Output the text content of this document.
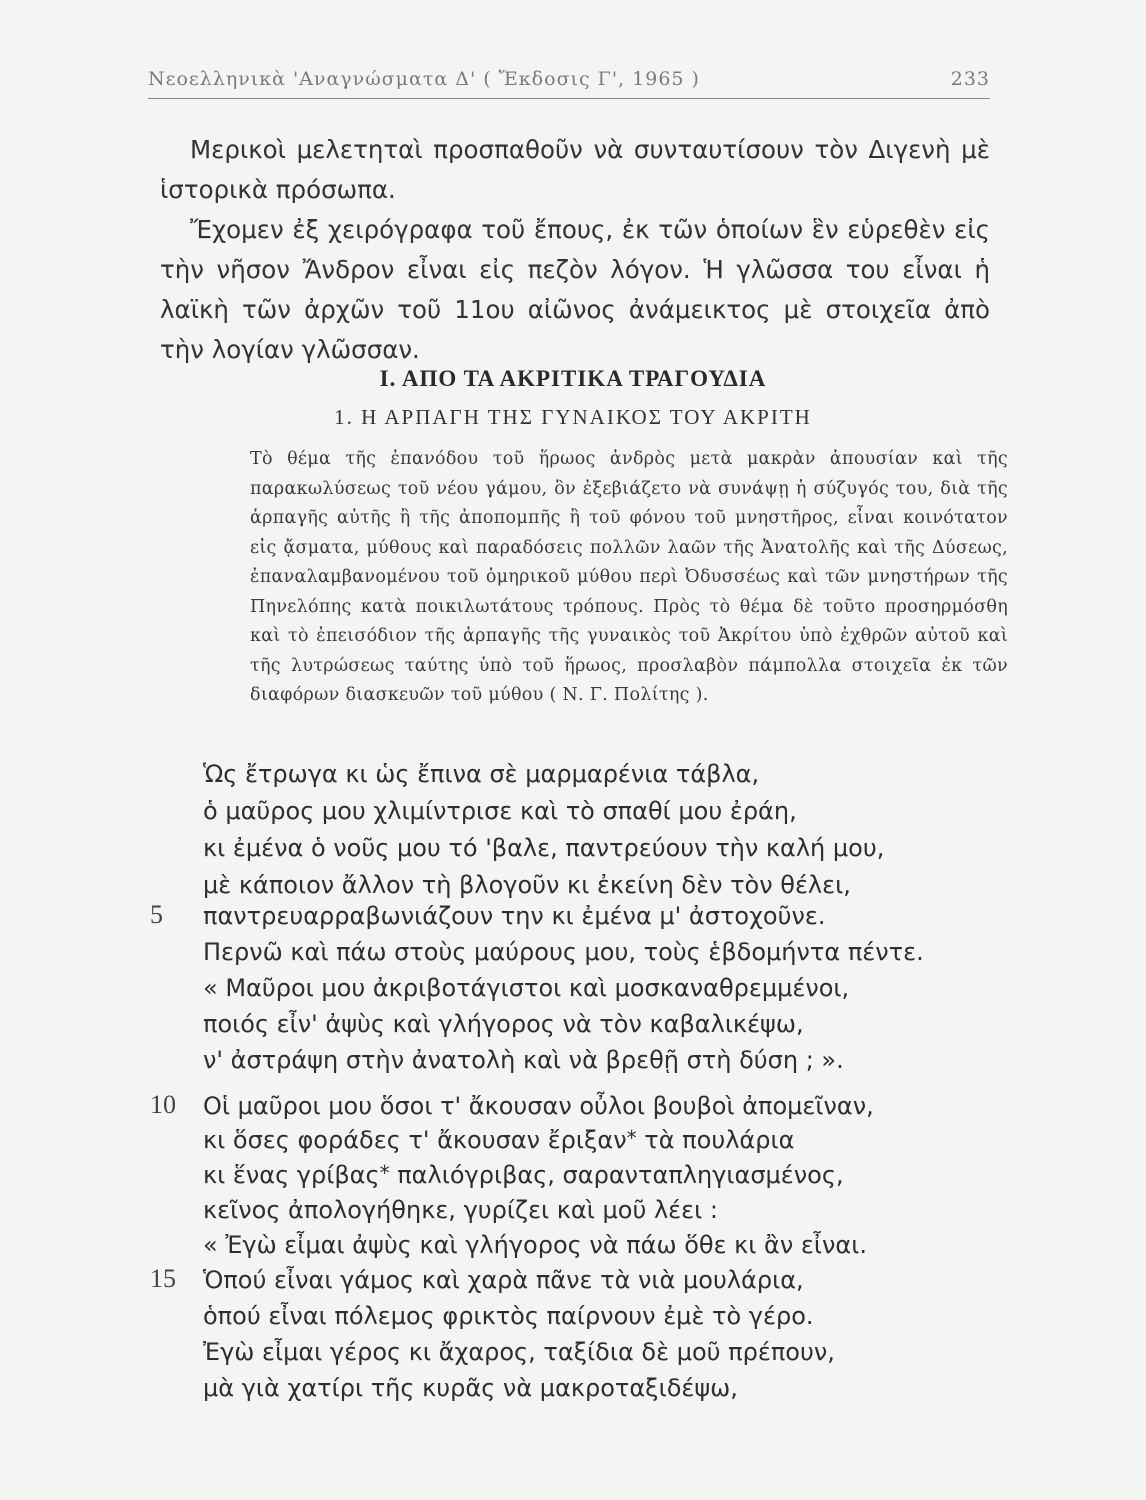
Νεοελληνικὰ 'Αναγνώσματα Δ' ( Ἔκδοσις Γ', 1965 )	233

Μερικοὶ μελετηταὶ προσπαθοῦν νὰ συνταυτίσουν τὸν Διγενὴ μὲ ἱστορικὰ πρόσωπα.

Ἔχομεν ἐξ χειρόγραφα τοῦ ἔπους, ἐκ τῶν ὁποίων ἓν εὑρεθὲν εἰς τὴν νῆσον Ἄνδρον εἶναι εἰς πεζὸν λόγον. Ἡ γλῶσσα του εἶναι ἡ λαϊκὴ τῶν ἀρχῶν τοῦ 11ου αἰῶνος ἀνάμεικτος μὲ στοιχεῖα ἀπὸ τὴν λογίαν γλῶσσαν.

Ι. ΑΠΟ ΤΑ ΑΚΡΙΤΙΚΑ ΤΡΑΓΟΥΔΙΑ
1. Η ΑΡΠΑΓΗ ΤΗΣ ΓΥΝΑΙΚΟΣ ΤΟΥ ΑΚΡΙΤΗ

Τὸ θέμα τῆς ἐπανόδου τοῦ ἥρωος ἀνδρὸς μετὰ μακρὰν ἀπουσίαν καὶ τῆς παρακωλύσεως τοῦ νέου γάμου, ὃν ἐξεβιάζετο νὰ συνάψῃ ἡ σύζυγός του, διὰ τῆς ἁρπαγῆς αὐτῆς ἢ τῆς ἀποπομπῆς ἢ τοῦ φόνου τοῦ μνηστῆρος, εἶναι κοινότατον εἰς ᾄσματα, μύθους καὶ παραδόσεις πολλῶν λαῶν τῆς Ἀνατολῆς καὶ τῆς Δύσεως, ἐπαναλαμβανομένου τοῦ ὁμηρικοῦ μύθου περὶ Ὀδυσσέως καὶ τῶν μνηστήρων τῆς Πηνελόπης κατὰ ποικιλωτάτους τρόπους. Πρὸς τὸ θέμα δὲ τοῦτο προσηρμόσθη καὶ τὸ ἐπεισόδιον τῆς ἁρπαγῆς τῆς γυναικὸς τοῦ Ἀκρίτου ὑπὸ ἐχθρῶν αὐτοῦ καὶ τῆς λυτρώσεως ταύτης ὑπὸ τοῦ ἥρωος, προσλαβὸν πάμπολλα στοιχεῖα ἐκ τῶν διαφόρων διασκευῶν τοῦ μύθου ( Ν. Γ. Πολίτης ).

Ὡς ἔτρωγα κι ὡς ἔπινα σὲ μαρμαρένια τάβλα,
ὁ μαῦρος μου χλιμίντρισε καὶ τὸ σπαθί μου ἐράη,
κι ἐμένα ὁ νοῦς μου τό 'βαλε, παντρεύουν τὴν καλή μου,
μὲ κάποιον ἄλλον τὴ βλογοῦν κι ἐκείνη δὲν τὸν θέλει,
5	παντρευαρραβωνιάζουν την κι ἐμένα μ' ἀστοχοῦνε.
Περνῶ καὶ πάω στοὺς μαύρους μου, τοὺς ἑβδομήντα πέντε.
« Μαῦροι μου ἀκριβοτάγιστοι καὶ μοσκαναθρεμμένοι,
ποιός εἶν' ἀψὺς καὶ γλήγορος νὰ τὸν καβαλικέψω,
ν' ἀστράψη στὴν ἀνατολὴ καὶ νὰ βρεθῇ στὴ δύση ; ».
10	Οἱ μαῦροι μου ὅσοι τ' ἄκουσαν οὖλοι βουβοὶ ἀπομεῖναν,
κι ὅσες φοράδες τ' ἄκουσαν ἔριξαν* τὰ πουλάρια
κι ἕνας γρίβας* παλιόγριβας, σαρανταπληγιασμένος,
κεῖνος ἀπολογήθηκε, γυρίζει καὶ μοῦ λέει :
« Ἐγὼ εἶμαι ἀψὺς καὶ γλήγορος νὰ πάω ὅθε κι ἂν εἶναι.
15	Ὁπού εἶναι γάμος καὶ χαρὰ πᾶνε τὰ νιὰ μουλάρια,
ὁπού εἶναι πόλεμος φρικτὸς παίρνουν ἐμὲ τὸ γέρο.
Ἐγὼ εἶμαι γέρος κι ἄχαρος, ταξίδια δὲ μοῦ πρέπουν,
μὰ γιὰ χατίρι τῆς κυρᾶς νὰ μακροταξιδέψω,
